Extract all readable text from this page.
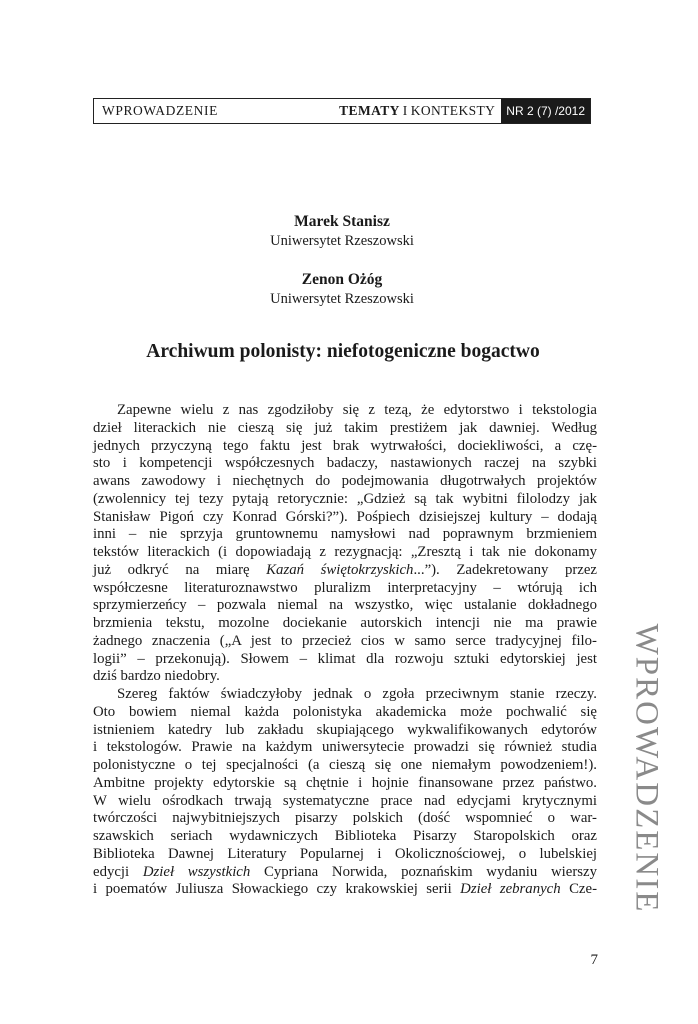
WPROWADZENIE	TEMATY I KONTEKSTY NR 2 (7) /2012
Marek Stanisz
Uniwersytet Rzeszowski
Zenon Ożóg
Uniwersytet Rzeszowski
Archiwum polonisty: niefotogeniczne bogactwo
Zapewne wielu z nas zgodziłoby się z tezą, że edytorstwo i tekstologia
dzieł literackich nie cieszą się już takim prestiżem jak dawniej. Według
jednych przyczyną tego faktu jest brak wytrwałości, dociekliwości, a czę-
sto i kompetencji współczesnych badaczy, nastawionych raczej na szybki
awans zawodowy i niechętnych do podejmowania długotrwałych projektów
(zwolennicy tej tezy pytają retorycznie: „Gdzież są tak wybitni filolodzy jak
Stanisław Pigoń czy Konrad Górski?”). Pośpiech dzisiejszej kultury – dodają
inni – nie sprzyja gruntownemu namysłowi nad poprawnym brzmieniem
tekstów literackich (i dopowiadają z rezygnacją: „Zresztą i tak nie dokonamy
już odkryć na miarę Kazań świętokrzyskich...”). Zadekretowany przez
współczesne literaturoznawstwo pluralizm interpretacyjny – wtórują ich
sprzymierzeńcy – pozwala niemal na wszystko, więc ustalanie dokładnego
brzmienia tekstu, mozolne dociekanie autorskich intencji nie ma prawie
żadnego znaczenia („A jest to przecież cios w samo serce tradycyjnej filo-
logii” – przekonują). Słowem – klimat dla rozwoju sztuki edytorskiej jest
dziś bardzo niedobry.
Szereg faktów świadczyłoby jednak o zgoła przeciwnym stanie rzeczy.
Oto bowiem niemal każda polonistyka akademicka może pochwalić się
istnieniem katedry lub zakładu skupiającego wykwalifikowanych edytorów
i tekstologów. Prawie na każdym uniwersytecie prowadzi się również studia
polonistyczne o tej specjalności (a cieszą się one niemałym powodzeniem!).
Ambitne projekty edytorskie są chętnie i hojnie finansowane przez państwo.
W wielu ośrodkach trwają systematyczne prace nad edycjami krytycznymi
twórczości najwybitniejszych pisarzy polskich (dość wspomnieć o war-
szawskich seriach wydawniczych Biblioteka Pisarzy Staropolskich oraz
Biblioteka Dawnej Literatury Popularnej i Okolicznościowej, o lubelskiej
edycji Dzieł wszystkich Cypriana Norwida, poznańskim wydaniu wierszy
i poematów Juliusza Słowackiego czy krakowskiej serii Dzieł zebranych Cze- WPROWADZENIE
7
